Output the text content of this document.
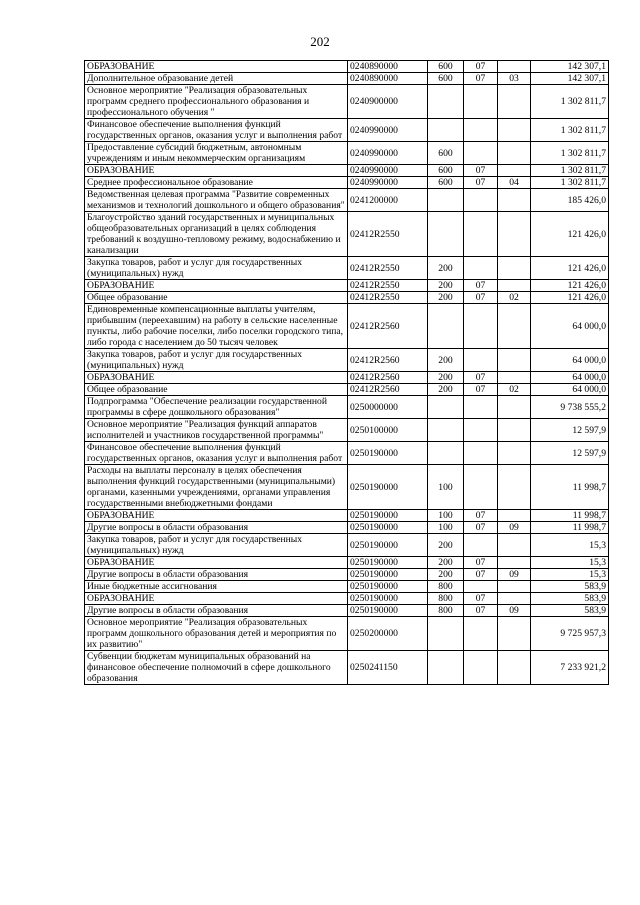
202
ОБРАЗОВАНИЕ	0240890000	600	07		142 307,1
Дополнительное образование детей	0240890000	600	07	03	142 307,1
Основное мероприятие "Реализация образовательных программ среднего профессионального образования и профессионального обучения "	0240900000				1 302 811,7
Финансовое обеспечение выполнения функций государственных органов, оказания услуг и выполнения работ	0240990000				1 302 811,7
Предоставление субсидий бюджетным, автономным учреждениям и иным некоммерческим организациям	0240990000	600			1 302 811,7
ОБРАЗОВАНИЕ	0240990000	600	07		1 302 811,7
Среднее профессиональное образование	0240990000	600	07	04	1 302 811,7
Ведомственная целевая программа "Развитие современных механизмов и технологий дошкольного и общего образования"	0241200000				185 426,0
Благоустройство зданий государственных и муниципальных общеобразовательных организаций в целях соблюдения требований к воздушно-тепловому режиму, водоснабжению и канализации	02412R2550				121 426,0
Закупка товаров, работ и услуг для государственных (муниципальных) нужд	02412R2550	200			121 426,0
ОБРАЗОВАНИЕ	02412R2550	200	07		121 426,0
Общее образование	02412R2550	200	07	02	121 426,0
Единовременные компенсационные выплаты учителям, прибывшим (переехавшим) на работу в сельские населенные пункты, либо рабочие поселки, либо поселки городского типа, либо города с населением до 50 тысяч человек	02412R2560				64 000,0
Закупка товаров, работ и услуг для государственных (муниципальных) нужд	02412R2560	200			64 000,0
ОБРАЗОВАНИЕ	02412R2560	200	07		64 000,0
Общее образование	02412R2560	200	07	02	64 000,0
Подпрограмма "Обеспечение реализации государственной программы в сфере дошкольного образования"	0250000000				9 738 555,2
Основное мероприятие "Реализация функций аппаратов исполнителей и участников государственной программы"	0250100000				12 597,9
Финансовое обеспечение выполнения функций государственных органов, оказания услуг и выполнения работ	0250190000				12 597,9
Расходы на выплаты персоналу в целях обеспечения выполнения функций государственными (муниципальными) органами, казенными учреждениями, органами управления государственными внебюджетными фондами	0250190000	100			11 998,7
ОБРАЗОВАНИЕ	0250190000	100	07		11 998,7
Другие вопросы в области образования	0250190000	100	07	09	11 998,7
Закупка товаров, работ и услуг для государственных (муниципальных) нужд	0250190000	200			15,3
ОБРАЗОВАНИЕ	0250190000	200	07		15,3
Другие вопросы в области образования	0250190000	200	07	09	15,3
Иные бюджетные ассигнования	0250190000	800			583,9
ОБРАЗОВАНИЕ	0250190000	800	07		583,9
Другие вопросы в области образования	0250190000	800	07	09	583,9
Основное мероприятие "Реализация образовательных программ дошкольного образования детей и мероприятия по их развитию"	0250200000				9 725 957,3
Субвенции бюджетам муниципальных образований на финансовое обеспечение полномочий в сфере дошкольного образования	0250241150				7 233 921,2
